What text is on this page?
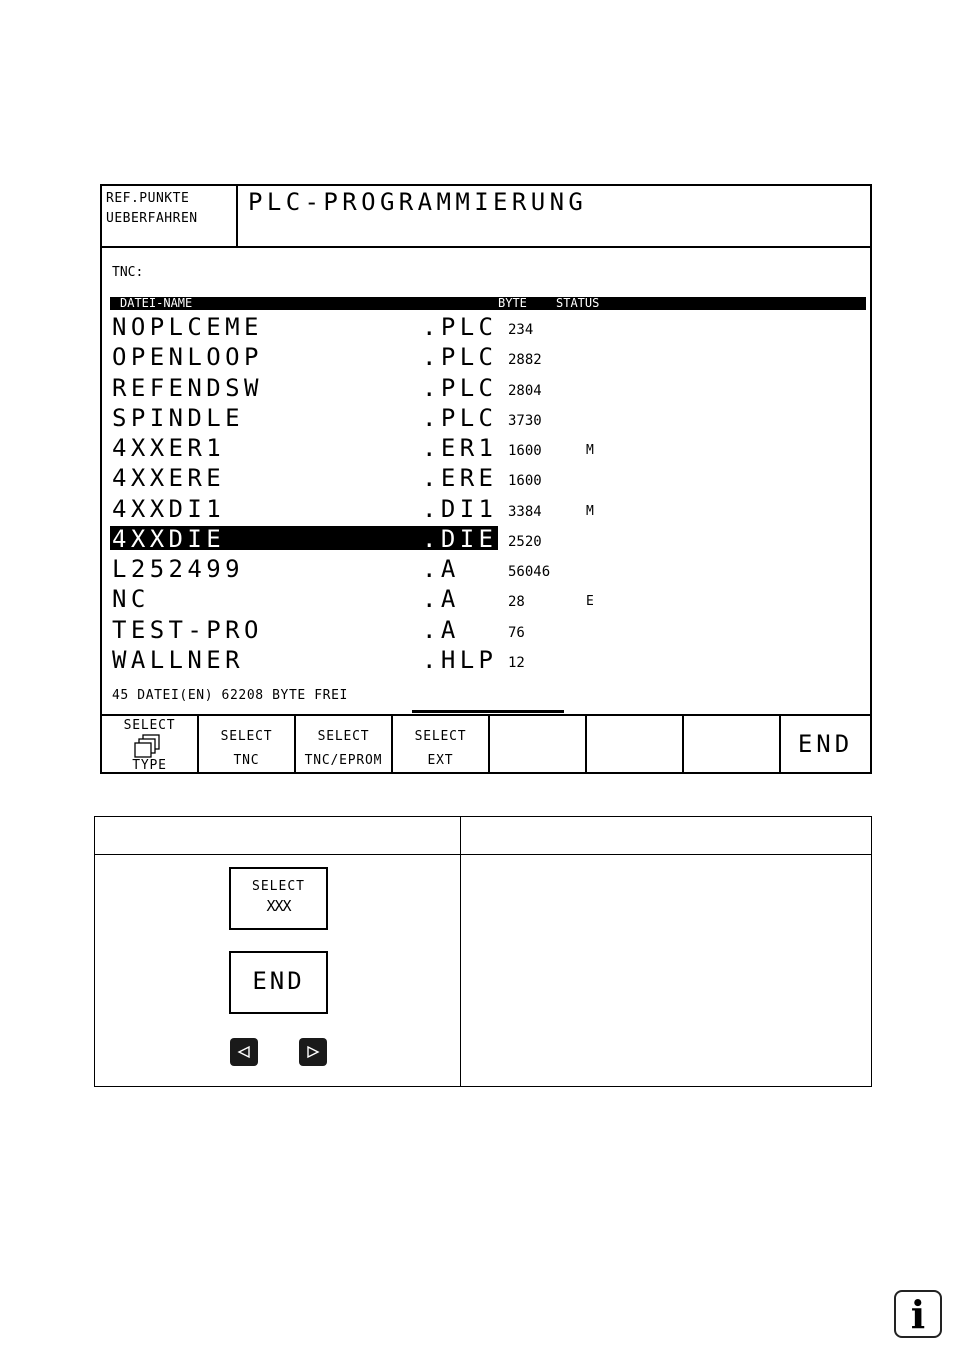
REF.PUNKTE
UEBERFAHREN
PLC-PROGRAMMIERUNG
TNC:
DATEI-NAME	BYTE STATUS
NOPLCEME	.PLC 234
OPENLOOP	.PLC 2882
REFENDSW	.PLC 2804
SPINDLE	.PLC 3730
4XXER1	.ER1 1600	M
4XXERE	.ERE 1600
4XXDI1	.DI1 3384	M
4XXDIE	.DIE 2520
L252499	.A	56046
NC	.A	28	E
TEST-PRO	.A	76
WALLNER	.HLP 12
45 DATEI(EN) 62208 BYTE FREI
SELECT
TYPE
SELECT
TNC
SELECT
TNC/EPROM
SELECT
EXT
END
SELECT
XXX
END
i
